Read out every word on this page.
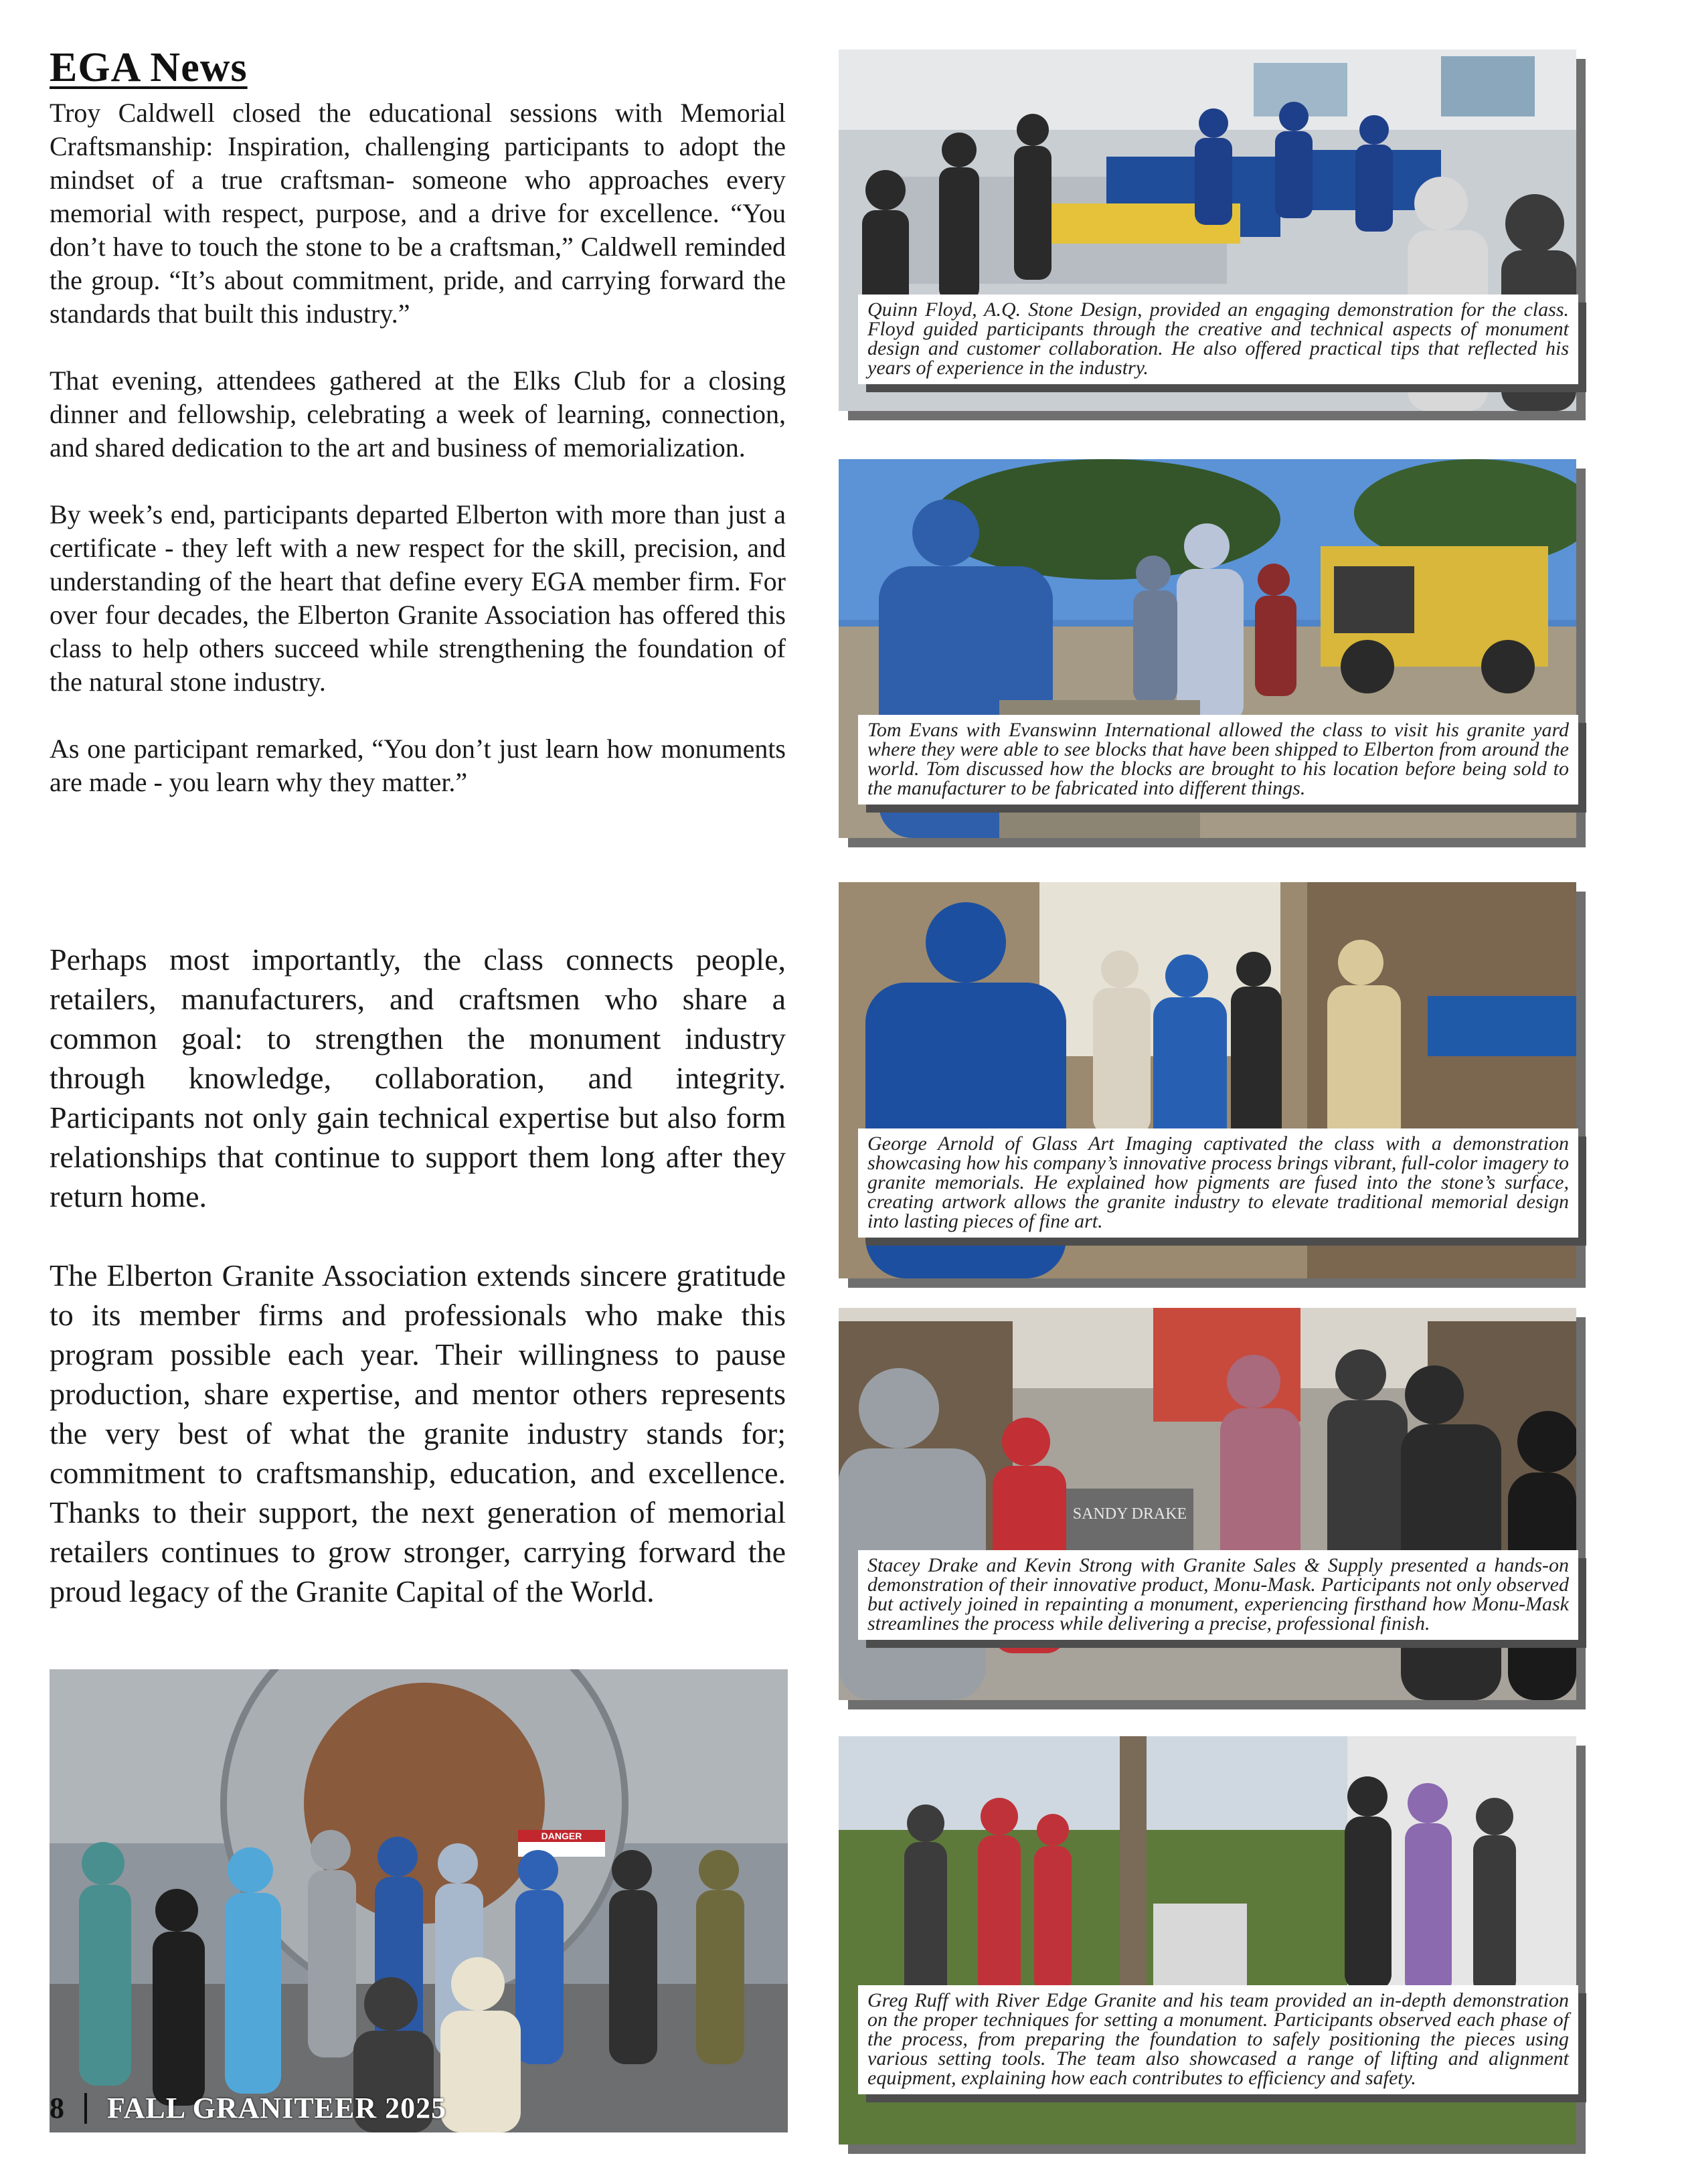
EGA News

Troy Caldwell closed the educational sessions with Memorial Craftsmanship: Inspiration, challenging participants to adopt the mindset of a true craftsman- someone who approaches every memorial with respect, purpose, and a drive for excellence. “You don’t have to touch the stone to be a craftsman,” Caldwell reminded the group. “It’s about commitment, pride, and carrying forward the standards that built this industry.”

That evening, attendees gathered at the Elks Club for a closing dinner and fellowship, celebrating a week of learning, connection, and shared dedication to the art and business of memorialization.

By week’s end, participants departed Elberton with more than just a certificate - they left with a new respect for the skill, precision, and understanding of the heart that define every EGA member firm. For over four decades, the Elberton Granite Association has offered this class to help others succeed while strengthening the foundation of the natural stone industry.

As one participant remarked, “You don’t just learn how monuments are made - you learn why they matter.”

Perhaps most importantly, the class connects people, retailers, manufacturers, and craftsmen who share a common goal: to strengthen the monument industry through knowledge, collaboration, and integrity. Participants not only gain technical expertise but also form relationships that continue to support them long after they return home.

The Elberton Granite Association extends sincere gratitude to its member firms and professionals who make this program possible each year. Their willingness to pause production, share expertise, and mentor others represents the very best of what the granite industry stands for; commitment to craftsmanship, education, and excellence. Thanks to their support, the next generation of memorial retailers continues to grow stronger, carrying forward the proud legacy of the Granite Capital of the World.

Quinn Floyd, A.Q. Stone Design, provided an engaging demonstration for the class. Floyd guided participants through the creative and technical aspects of monument design and customer collaboration. He also offered practical tips that reflected his years of experience in the industry.
Tom Evans with Evanswinn International allowed the class to visit his granite yard where they were able to see blocks that have been shipped to Elberton from around the world. Tom discussed how the blocks are brought to his location before being sold to the manufacturer to be fabricated into different things.
George Arnold of Glass Art Imaging captivated the class with a demonstration showcasing how his company’s innovative process brings vibrant, full-color imagery to granite memorials. He explained how pigments are fused into the stone’s surface, creating artwork allows the granite industry to elevate traditional memorial design into lasting pieces of fine art.
SANDY DRAKE
Stacey Drake and Kevin Strong with Granite Sales & Supply presented a hands-on demonstration of their innovative product, Monu-Mask. Participants not only observed but actively joined in repainting a monument, experiencing firsthand how Monu-Mask streamlines the process while delivering a precise, professional finish.
Greg Ruff with River Edge Granite and his team provided an in-depth demonstration on the proper techniques for setting a monument. Participants observed each phase of the process, from preparing the foundation to safely positioning the pieces using various setting tools. The team also showcased a range of lifting and alignment equipment, explaining how each contributes to efficiency and safety.
DANGER
8 FALL GRANITEER 2025
